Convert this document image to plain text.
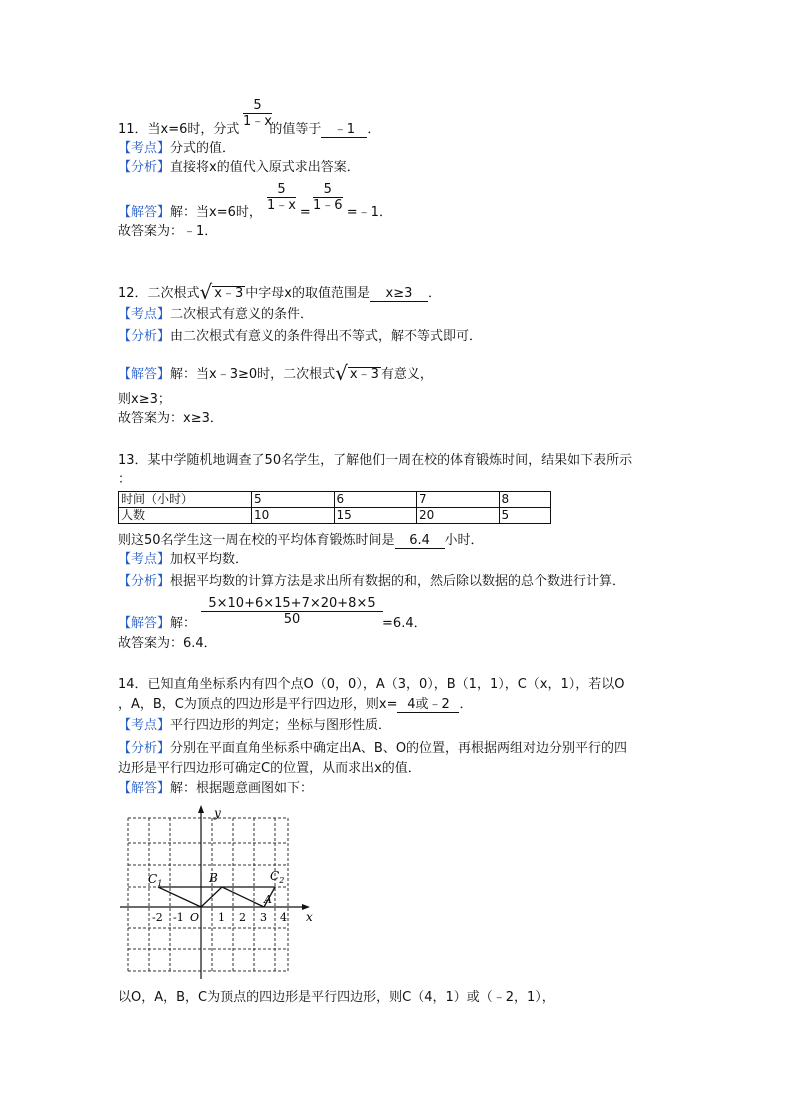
$\frac{5}{1﹣x}$
11．当x=6时，分式 的值等于 ﹣1 ．
【考点】分式的值．
【分析】直接将x的值代入原式求出答案．
$\frac{5}{1﹣x} \frac{5}{1﹣6}$
【解答】解：当x=6时，	=	=﹣1．
故答案为：﹣1．
12．二次根式√ x﹣3 中字母x的取值范围是 x≥3 ．
【考点】二次根式有意义的条件．
【分析】由二次根式有意义的条件得出不等式，解不等式即可．
【解答】解：当x﹣3≥0时，二次根式√ x﹣3 有意义，
则x≥3；
故答案为：x≥3．
13．某中学随机地调查了50名学生，了解他们一周在校的体育锻炼时间，结果如下表所示
：
时间（小时）	5	6	7	8
人数	10	15	20	5
则这50名学生这一周在校的平均体育锻炼时间是 6.4 小时．
【考点】加权平均数．
【分析】根据平均数的计算方法是求出所有数据的和，然后除以数据的总个数进行计算．
$\frac{5\times 10+6\times 15+7\times 20+8\times 5}{50}$
【解答】解：	=6.4．
故答案为：6.4．
14．已知直角坐标系内有四个点O（0，0），A（3，0），B（1，1），C（x，1），若以O
，A，B，C为顶点的四边形是平行四边形，则x= 4或﹣2 ．
【考点】平行四边形的判定；坐标与图形性质．
【分析】分别在平面直角坐标系中确定出A、B、O的位置，再根据两组对边分别平行的四
边形是平行四边形可确定C的位置，从而求出x的值．
【解答】解：根据题意画图如下：
y
x
O
-2 -1	1 2 3 4
$C_1$	B	$C_2$
A
以O，A，B，C为顶点的四边形是平行四边形，则C（4，1）或（﹣2，1），
